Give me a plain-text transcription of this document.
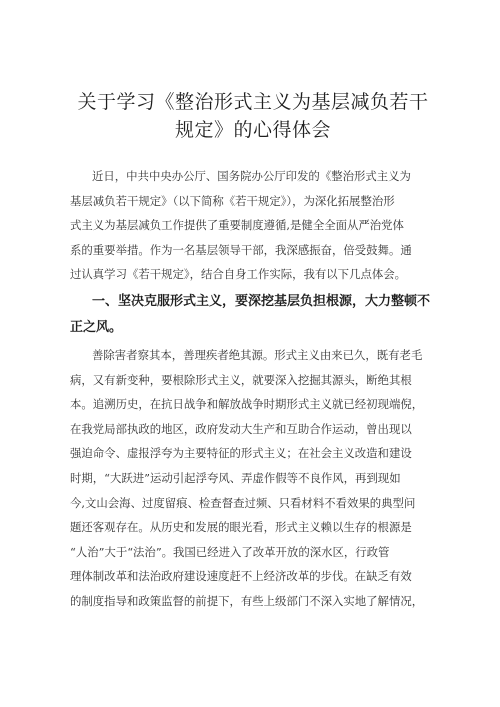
关于学习《整治形式主义为基层减负若干
规定》的心得体会
近日，中共中央办公厅、国务院办公厅印发的《整治形式主义为
基层减负若干规定》（以下简称《若干规定》），为深化拓展整治形
式主义为基层减负工作提供了重要制度遵循,是健全全面从严治党体
系的重要举措。作为一名基层领导干部，我深感振奋，倍受鼓舞。通
过认真学习《若干规定》，结合自身工作实际，我有以下几点体会。
一、坚决克服形式主义，要深挖基层负担根源，大力整顿不
正之风。
善除害者察其本，善理疾者绝其源。形式主义由来已久，既有老毛
病，又有新变种，要根除形式主义，就要深入挖掘其源头，断绝其根
本。追溯历史，在抗日战争和解放战争时期形式主义就已经初现端倪，
在我党局部执政的地区，政府发动大生产和互助合作运动，曾出现以
强迫命令、虚报浮夸为主要特征的形式主义；在社会主义改造和建设
时期，“大跃进”运动引起浮夸风、弄虚作假等不良作风，再到现如
今,文山会海、过度留痕、检查督查过频、只看材料不看效果的典型问
题还客观存在。从历史和发展的眼光看，形式主义赖以生存的根源是
“人治”大于“法治”。我国已经进入了改革开放的深水区，行政管
理体制改革和法治政府建设速度赶不上经济改革的步伐。在缺乏有效
的制度指导和政策监督的前提下，有些上级部门不深入实地了解情况，
